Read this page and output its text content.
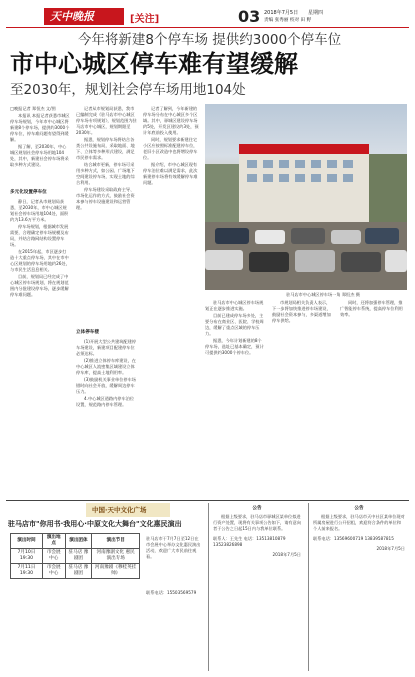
天中晚报	[关注]	03 2018年7月5日 星期四
责编 张秀丽 校对 田 野
今年将新建8个停车场 提供约3000个停车位
市中心城区停车难有望缓解
至2030年，规划社会停车场用地104处
□晚报记者 郑恒杰 文/图

本报讯 本报记者获悉市城区停车场规划，今年市中心城区将新建8个停车场，提供约3000个停车位，停车难问题有望得到缓解。

据了解，至2030年，中心城区规划社会停车场用地104处，其中，新建社会停车场将采取多种方式建设。

多元化设置停车位

静日，记者从市规划局获悉，至2030年，市中心城区规划社会停车场用地104处，面积约为13.6万平方米。

停车场规划，根据城市发展需要，合理确定停车场规模及布局，并结合路网结构设置停车场。

在2015年起，市区逐步打造十大重点停车场，其中在市中心区规划的停车场用地约26处，与市民生活息息相关。

目前，规划局已经完成了中心城区停车场规划，将在规划范围内分批建设停车场，逐步缓解停车难问题。

记者从市规划局获悉，我市已编制完成《驻马店市中心城区停车场专项规划》，规划范围为驻马店市中心城区，规划期限至2030年。

据悉，规划停车场将结合各类公共设施布局，采取地面、地下、立体等多种形式建设，满足市民停车需求。

结合城市更新，停车场可采用多种方式，如公园、广场地下空间建设停车场，实现土地的综合利用。

停车场建设采取政府主导、市场化运作的方式，鼓励社会资本参与停车设施建设和运营管理。

立体停车楼

(1)开展大型公共建筑配建停车场建设，新建项目配建停车位必须达标。

(2)推进立体停车库建设，在中心城区人流密集区域建设立体停车库，提高土地利用率。

(3)鼓励机关事业单位停车场错时向社会开放，缓解周边停车压力。

4.中心城区道路内停车泊位设置，规范路内停车管理。

记者了解到，今年新建的停车场分布在中心城区多个区域。其中，驿城区建设停车场约5处，开发区建设约3处，预计年底前投入使用。

同时，规划要求新建住宅小区应按照标准配建停车位，老旧小区改造中也将增设停车位。

据介绍，市中心城区现有停车泊位难以满足需求，此次新建停车场将有效缓解停车难问题。

驻马店市中心城区停车场一角 郑恒杰 摄

驻马店市中心城区停车场规划正在逐步推进实施。

目前已建成停车场多处，主要分布在商业区、医院、学校周边，缓解了重点区域的停车压力。

据悉，今年计划新建的8个停车场，选址已基本确定，预计可提供约3000个停车位。

市规划局相关负责人表示，下一步将加快推进停车场建设，鼓励社会资本参与，多渠道增加停车供给。

同时，还将加强停车管理，推广智能停车系统，提高停车位利用效率。

中国·天中文化广场
驻马店市"你用书·我用心·中原文化大舞台"文化惠民演出
演出时间	演出地点	演出团体	演出节目
7月10日 19:30	市会展中心	驻马店 豫剧团	河南豫剧文化 惠民演出专场
7月11日 19:30	市会展中心	驻马店 豫剧团	河南豫剧《穆桂英挂帅》
驻马店市于7月7日至12日在市会展中心举办文化惠民演出活动，欢迎广大市民前往观看。
联系电话：15503569579
公告
根据上级要求，驻马店市驿城区某单位拟进行资产处置，现将有关事项公告如下，请有意向者于公告之日起15日内与我单位联系。
联系人：王先生 电话：13513810879 13523826898
2018年7月5日
公告
根据上级要求，驻马店市天中社区某单位现对所属房屋进行公开招租，欢迎符合条件的单位和个人前来报名。
联系电话：13569600719 13839587815
2018年7月5日
